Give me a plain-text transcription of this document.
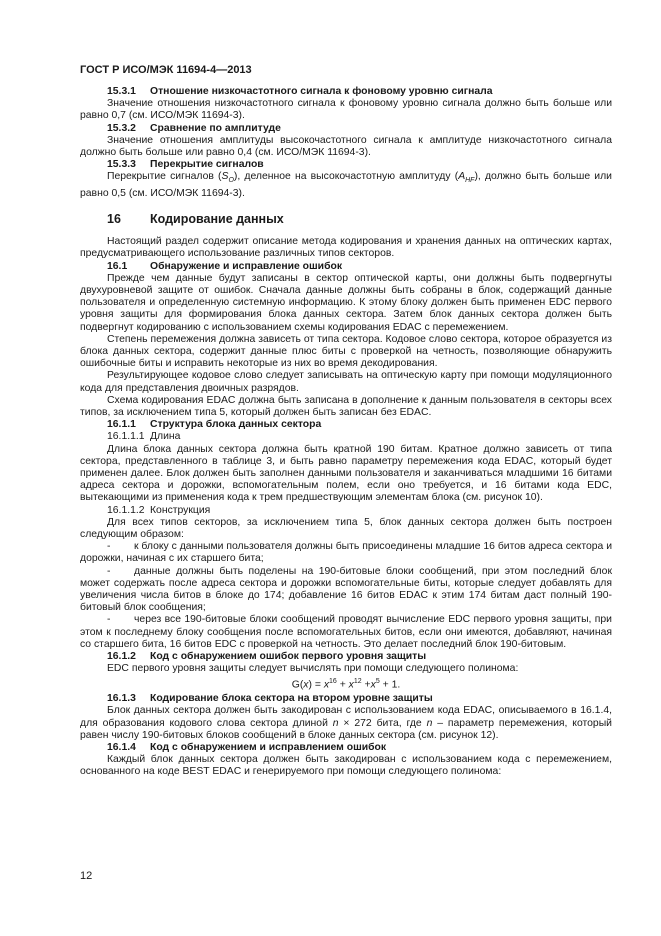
ГОСТ Р ИСО/МЭК 11694-4—2013
15.3.1	Отношение низкочастотного сигнала к фоновому уровню сигнала

Значение отношения низкочастотного сигнала к фоновому уровню сигнала должно быть больше или равно 0,7 (см. ИСО/МЭК 11694-3).

15.3.2	Сравнение по амплитуде

Значение отношения амплитуды высокочастотного сигнала к амплитуде низкочастотного сигнала должно быть больше или равно 0,4 (см. ИСО/МЭК 11694-3).

15.3.3	Перекрытие сигналов

Перекрытие сигналов $(S_O)$, деленное на высокочастотную амплитуду $(A_{HF})$, должно быть больше или равно 0,5 (см. ИСО/МЭК 11694-3).

16	Кодирование данных

Настоящий раздел содержит описание метода кодирования и хранения данных на оптических картах, предусматривающего использование различных типов секторов.

16.1	Обнаружение и исправление ошибок

Прежде чем данные будут записаны в сектор оптической карты, они должны быть подвергнуты двухуровневой защите от ошибок. Сначала данные должны быть собраны в блок, содержащий данные пользователя и определенную системную информацию. К этому блоку должен быть применен EDC первого уровня защиты для формирования блока данных сектора. Затем блок данных сектора должен быть подвергнут кодированию с использованием схемы кодирования EDAC с перемежением.

Степень перемежения должна зависеть от типа сектора. Кодовое слово сектора, которое образуется из блока данных сектора, содержит данные плюс биты с проверкой на четность, позволяющие обнаружить ошибочные биты и исправить некоторые из них во время декодирования.

Результирующее кодовое слово следует записывать на оптическую карту при помощи модуляционного кода для представления двоичных разрядов.

Схема кодирования EDAC должна быть записана в дополнение к данным пользователя в секторы всех типов, за исключением типа 5, который должен быть записан без EDAC.

16.1.1	Структура блока данных сектора
16.1.1.1 Длина

Длина блока данных сектора должна быть кратной 190 битам. Кратное должно зависеть от типа сектора, представленного в таблице 3, и быть равно параметру перемежения кода EDAC, который будет применен далее. Блок должен быть заполнен данными пользователя и заканчиваться младшими 16 битами адреса сектора и дорожки, вспомогательным полем, если оно требуется, и 16 битами кода EDC, вытекающими из применения кода к трем предшествующим элементам блока (см. рисунок 10).

16.1.1.2 Конструкция

Для всех типов секторов, за исключением типа 5, блок данных сектора должен быть построен следующим образом:

- к блоку с данными пользователя должны быть присоединены младшие 16 битов адреса сектора и дорожки, начиная с их старшего бита;

- данные должны быть поделены на 190-битовые блоки сообщений, при этом последний блок может содержать после адреса сектора и дорожки вспомогательные биты, которые следует добавлять для увеличения числа битов в блоке до 174; добавление 16 битов EDAC к этим 174 битам даст полный 190-битовый блок сообщения;

- через все 190-битовые блоки сообщений проводят вычисление EDC первого уровня защиты, при этом к последнему блоку сообщения после вспомогательных битов, если они имеются, добавляют, начиная со старшего бита, 16 битов EDC с проверкой на четность. Это делает последний блок 190-битовым.

16.1.2	Код с обнаружением ошибок первого уровня защиты

EDC первого уровня защиты следует вычислять при помощи следующего полинома:

$G(x) = x^{16} + x^{12} +x^5 + 1$.
16.1.3	Кодирование блока сектора на втором уровне защиты

Блок данных сектора должен быть закодирован с использованием кода EDAC, описываемого в 16.1.4, для образования кодового слова сектора длиной n × 272 бита, где n – параметр перемежения, который равен числу 190-битовых блоков сообщений в блоке данных сектора (см. рисунок 12).

16.1.4	Код с обнаружением и исправлением ошибок

Каждый блок данных сектора должен быть закодирован с использованием кода с перемежением, основанного на коде BEST EDAC и генерируемого при помощи следующего полинома:

12
